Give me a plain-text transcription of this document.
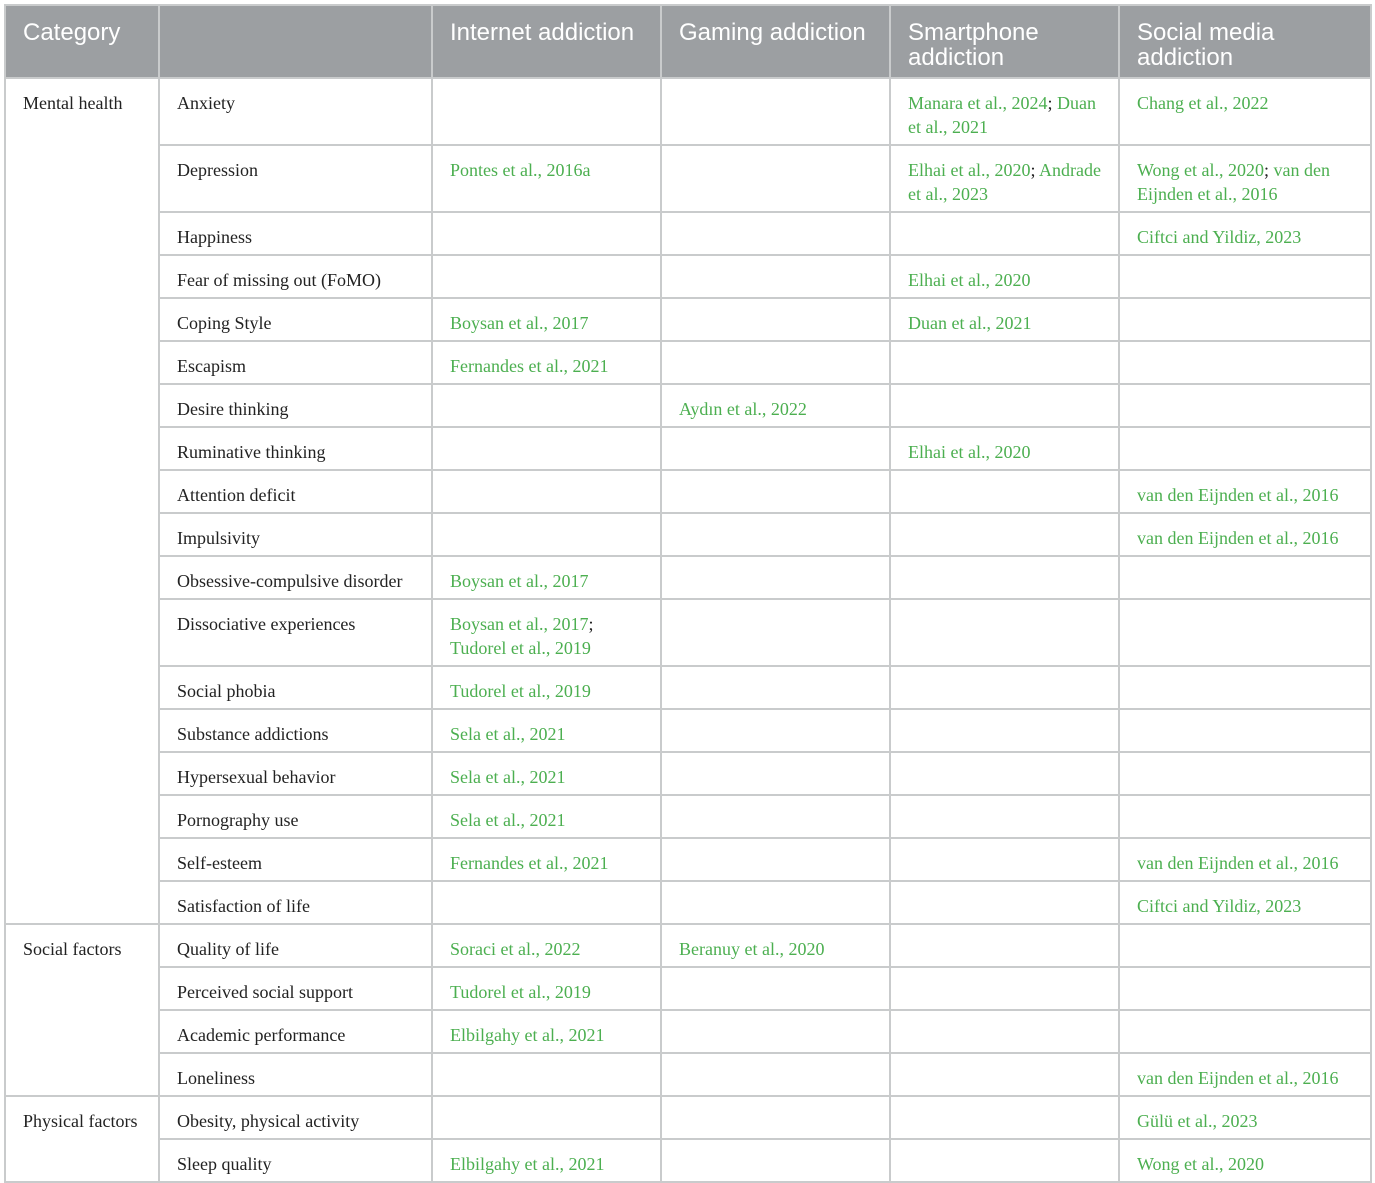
Category		Internet addiction	Gaming addiction	Smartphone addiction	Social media addiction
Mental health	Anxiety			Manara et al., 2024; Duan et al., 2021	Chang et al., 2022
	Depression	Pontes et al., 2016a		Elhai et al., 2020; Andrade et al., 2023	Wong et al., 2020; van den Eijnden et al., 2016
	Happiness				Ciftci and Yildiz, 2023
	Fear of missing out (FoMO)			Elhai et al., 2020	
	Coping Style	Boysan et al., 2017		Duan et al., 2021	
	Escapism	Fernandes et al., 2021			
	Desire thinking		Aydın et al., 2022		
	Ruminative thinking			Elhai et al., 2020	
	Attention deficit				van den Eijnden et al., 2016
	Impulsivity				van den Eijnden et al., 2016
	Obsessive-compulsive disorder	Boysan et al., 2017			
	Dissociative experiences	Boysan et al., 2017; Tudorel et al., 2019			
	Social phobia	Tudorel et al., 2019			
	Substance addictions	Sela et al., 2021			
	Hypersexual behavior	Sela et al., 2021			
	Pornography use	Sela et al., 2021			
	Self-esteem	Fernandes et al., 2021			van den Eijnden et al., 2016
	Satisfaction of life				Ciftci and Yildiz, 2023
Social factors	Quality of life	Soraci et al., 2022	Beranuy et al., 2020		
	Perceived social support	Tudorel et al., 2019			
	Academic performance	Elbilgahy et al., 2021			
	Loneliness				van den Eijnden et al., 2016
Physical factors	Obesity, physical activity				Gülü et al., 2023
	Sleep quality	Elbilgahy et al., 2021			Wong et al., 2020
